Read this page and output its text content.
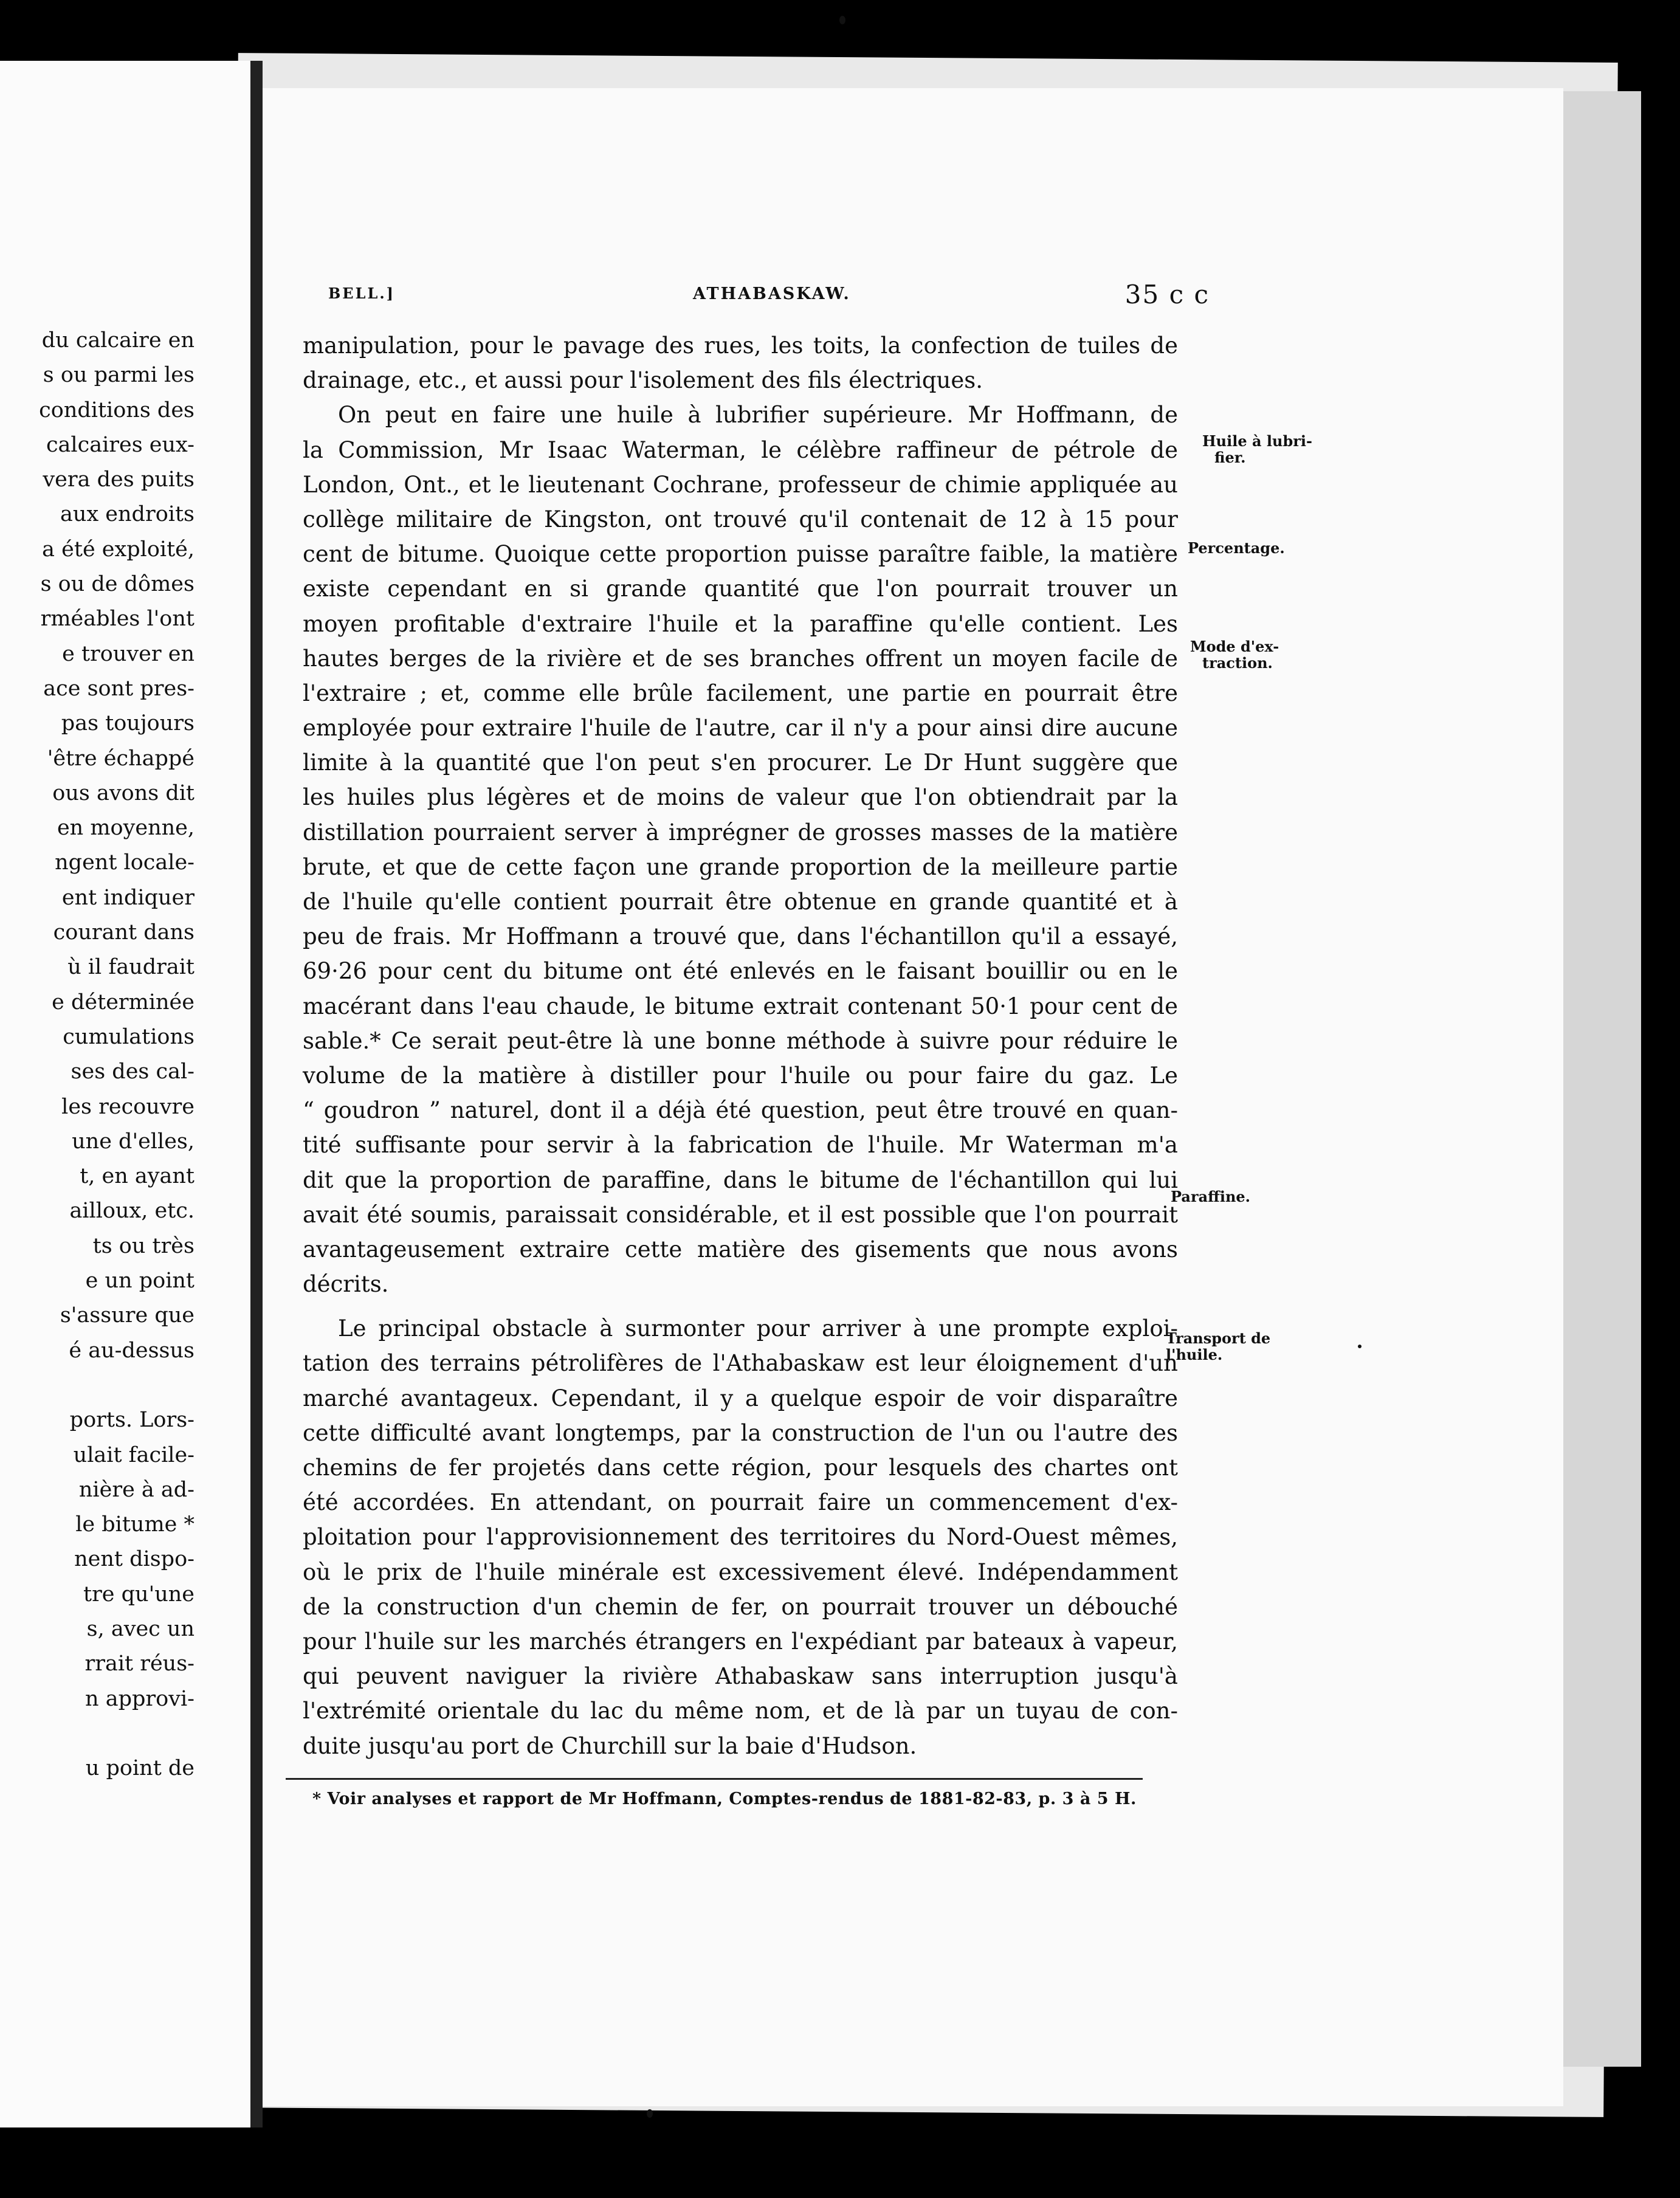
du calcaire en
s ou parmi les
conditions des
calcaires eux-
vera des puits
aux endroits
a été exploité,
s ou de dômes
rméables l'ont
e trouver en
ace sont pres-
pas toujours
'être échappé
ous avons dit
en moyenne,
ngent locale-
ent indiquer
courant dans
ù il faudrait
e déterminée
cumulations
ses des cal-
les recouvre
une d'elles,
t, en ayant
ailloux, etc.
ts ou très
e un point
s'assure que
é au-dessus
ports. Lors-
ulait facile-
nière à ad-
le bitume *
nent dispo-
tre qu'une
s, avec un
rrait réus-
n approvi-
u point de
BELL.]	ATHABASKAW.	35 c c
manipulation, pour le pavage des rues, les toits, la confection de tuiles de
drainage, etc., et aussi pour l'isolement des fils électriques.
On peut en faire une huile à lubrifier supérieure. Mr Hoffmann, de
la Commission, Mr Isaac Waterman, le célèbre raffineur de pétrole de
London, Ont., et le lieutenant Cochrane, professeur de chimie appliquée au
collège militaire de Kingston, ont trouvé qu'il contenait de 12 à 15 pour
cent de bitume. Quoique cette proportion puisse paraître faible, la matière
existe cependant en si grande quantité que l'on pourrait trouver un
moyen profitable d'extraire l'huile et la paraffine qu'elle contient. Les
hautes berges de la rivière et de ses branches offrent un moyen facile de
l'extraire ; et, comme elle brûle facilement, une partie en pourrait être
employée pour extraire l'huile de l'autre, car il n'y a pour ainsi dire aucune
limite à la quantité que l'on peut s'en procurer. Le Dr Hunt suggère que
les huiles plus légères et de moins de valeur que l'on obtiendrait par la
distillation pourraient server à imprégner de grosses masses de la matière
brute, et que de cette façon une grande proportion de la meilleure partie
de l'huile qu'elle contient pourrait être obtenue en grande quantité et à
peu de frais. Mr Hoffmann a trouvé que, dans l'échantillon qu'il a essayé,
69·26 pour cent du bitume ont été enlevés en le faisant bouillir ou en le
macérant dans l'eau chaude, le bitume extrait contenant 50·1 pour cent de
sable.* Ce serait peut-être là une bonne méthode à suivre pour réduire le
volume de la matière à distiller pour l'huile ou pour faire du gaz. Le
“ goudron ” naturel, dont il a déjà été question, peut être trouvé en quan-
tité suffisante pour servir à la fabrication de l'huile. Mr Waterman m'a
dit que la proportion de paraffine, dans le bitume de l'échantillon qui lui
avait été soumis, paraissait considérable, et il est possible que l'on pourrait
avantageusement extraire cette matière des gisements que nous avons
décrits.
Le principal obstacle à surmonter pour arriver à une prompte exploi-
tation des terrains pétrolifères de l'Athabaskaw est leur éloignement d'un
marché avantageux. Cependant, il y a quelque espoir de voir disparaître
cette difficulté avant longtemps, par la construction de l'un ou l'autre des
chemins de fer projetés dans cette région, pour lesquels des chartes ont
été accordées. En attendant, on pourrait faire un commencement d'ex-
ploitation pour l'approvisionnement des territoires du Nord-Ouest mêmes,
où le prix de l'huile minérale est excessivement élevé. Indépendamment
de la construction d'un chemin de fer, on pourrait trouver un débouché
pour l'huile sur les marchés étrangers en l'expédiant par bateaux à vapeur,
qui peuvent naviguer la rivière Athabaskaw sans interruption jusqu'à
l'extrémité orientale du lac du même nom, et de là par un tuyau de con-
duite jusqu'au port de Churchill sur la baie d'Hudson.
Huile à lubri-
fier.
Percentage.
Mode d'ex-
traction.
Paraffine.
Transport de
l'huile.
* Voir analyses et rapport de Mr Hoffmann, Comptes-rendus de 1881-82-83, p. 3 à 5 H.
